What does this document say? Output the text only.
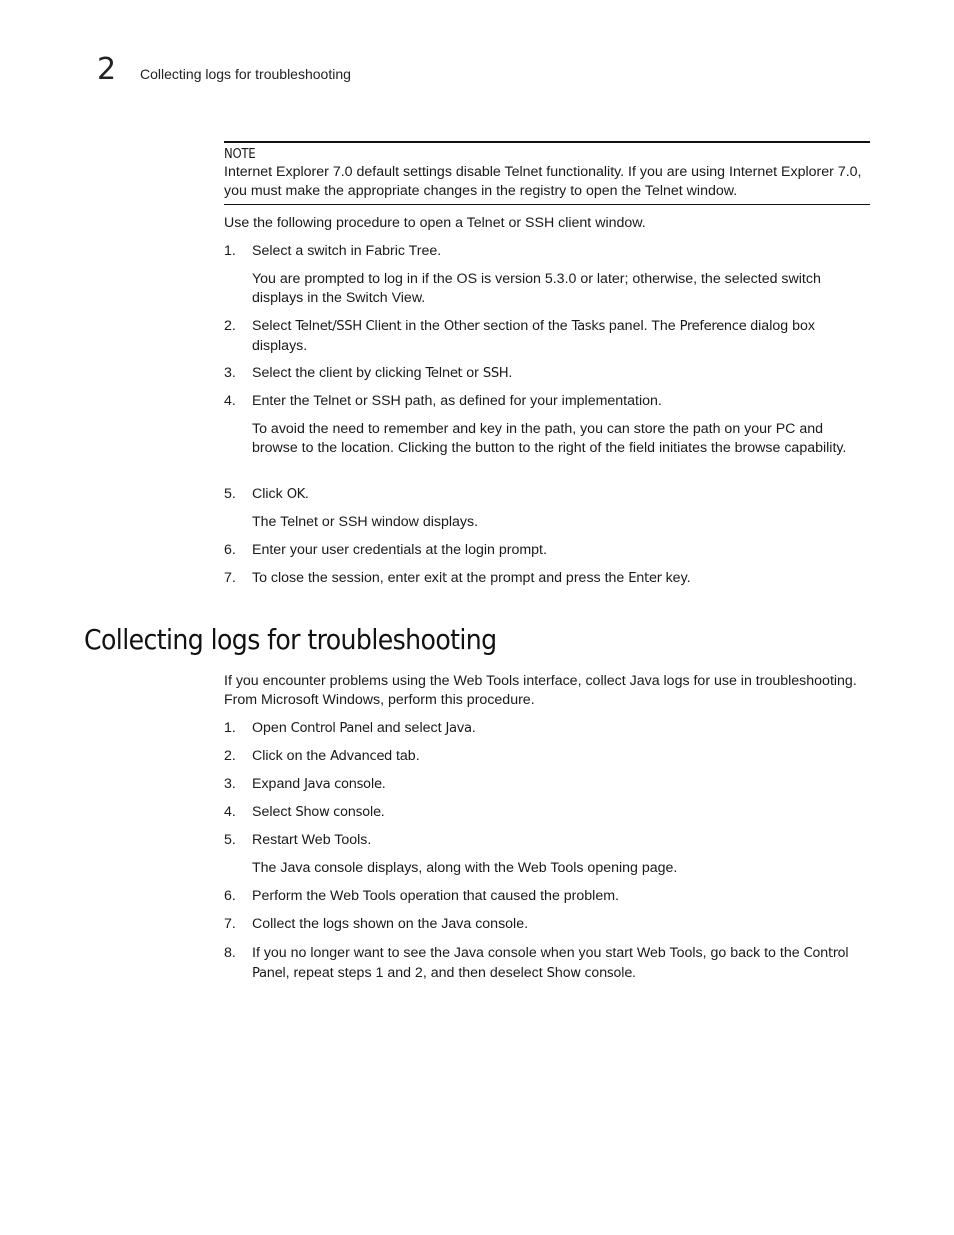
2 Collecting logs for troubleshooting
NOTE

Internet Explorer 7.0 default settings disable Telnet functionality. If you are using Internet Explorer 7.0, you must make the appropriate changes in the registry to open the Telnet window.

Use the following procedure to open a Telnet or SSH client window.

1. Select a switch in Fabric Tree.
You are prompted to log in if the OS is version 5.3.0 or later; otherwise, the selected switch displays in the Switch View.
2. Select Telnet/SSH Client in the Other section of the Tasks panel. The Preference dialog box displays.
3. Select the client by clicking Telnet or SSH.
4. Enter the Telnet or SSH path, as defined for your implementation.
To avoid the need to remember and key in the path, you can store the path on your PC and browse to the location. Clicking the button to the right of the field initiates the browse capability.
5. Click OK.
The Telnet or SSH window displays.
6. Enter your user credentials at the login prompt.
7. To close the session, enter exit at the prompt and press the Enter key.
Collecting logs for troubleshooting

If you encounter problems using the Web Tools interface, collect Java logs for use in troubleshooting. From Microsoft Windows, perform this procedure.

1. Open Control Panel and select Java.
2. Click on the Advanced tab.
3. Expand Java console.
4. Select Show console.
5. Restart Web Tools.
The Java console displays, along with the Web Tools opening page.
6. Perform the Web Tools operation that caused the problem.
7. Collect the logs shown on the Java console.
8. If you no longer want to see the Java console when you start Web Tools, go back to the Control Panel, repeat steps 1 and 2, and then deselect Show console.
